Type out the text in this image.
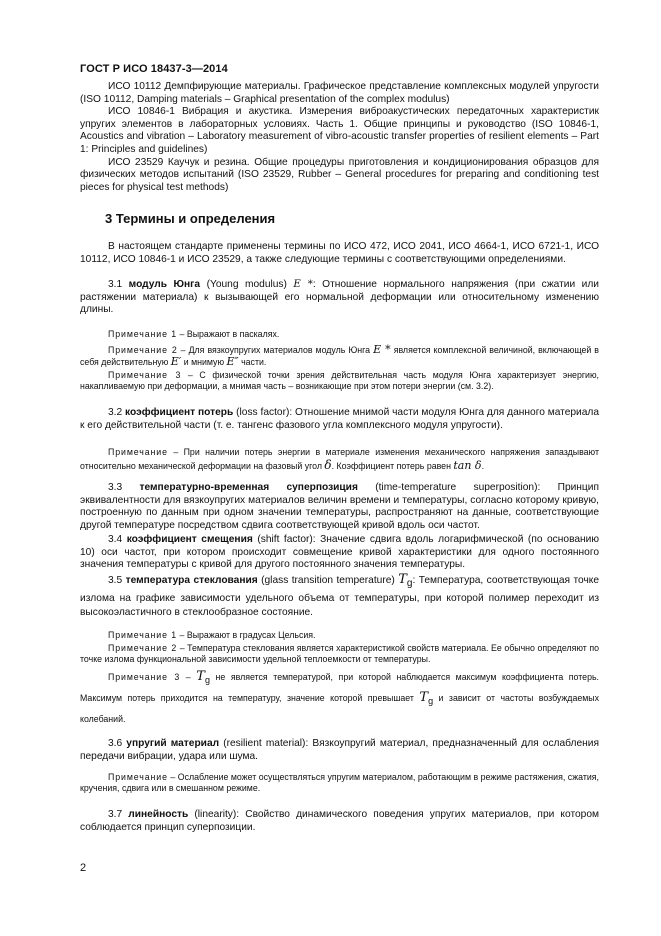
ГОСТ Р ИСО 18437-3—2014
ИСО 10112 Демпфирующие материалы. Графическое представление комплексных модулей упругости (ISO 10112, Damping materials – Graphical presentation of the complex modulus)
ИСО 10846-1 Вибрация и акустика. Измерения виброакустических передаточных характеристик упругих элементов в лабораторных условиях. Часть 1. Общие принципы и руководство (ISO 10846-1, Acoustics and vibration – Laboratory measurement of vibro-acoustic transfer properties of resilient elements – Part 1: Principles and guidelines)
ИСО 23529 Каучук и резина. Общие процедуры приготовления и кондиционирования образцов для физических методов испытаний (ISO 23529, Rubber – General procedures for preparing and conditioning test pieces for physical test methods)
3 Термины и определения
В настоящем стандарте применены термины по ИСО 472, ИСО 2041, ИСО 4664-1, ИСО 6721-1, ИСО 10112, ИСО 10846-1 и ИСО 23529, а также следующие термины с соответствующими определениями.
3.1 модуль Юнга (Young modulus) E *: Отношение нормального напряжения (при сжатии или растяжении материала) к вызывающей его нормальной деформации или относительному изменению длины.
Примечание 1 – Выражают в паскалях.
Примечание 2 – Для вязкоупругих материалов модуль Юнга E * является комплексной величиной, включающей в себя действительную E′ и мнимую E″ части.
Примечание 3 – С физической точки зрения действительная часть модуля Юнга характеризует энергию, накапливаемую при деформации, а мнимая часть – возникающие при этом потери энергии (см. 3.2).
3.2 коэффициент потерь (loss factor): Отношение мнимой части модуля Юнга для данного материала к его действительной части (т. е. тангенс фазового угла комплексного модуля упругости).
Примечание – При наличии потерь энергии в материале изменения механического напряжения запаздывают относительно механической деформации на фазовый угол δ. Коэффициент потерь равен tan δ.
3.3 температурно-временная суперпозиция (time-temperature superposition): Принцип эквивалентности для вязкоупругих материалов величин времени и температуры, согласно которому кривую, построенную по данным при одном значении температуры, распространяют на данные, соответствующие другой температуре посредством сдвига соответствующей кривой вдоль оси частот.
3.4 коэффициент смещения (shift factor): Значение сдвига вдоль логарифмической (по основанию 10) оси частот, при котором происходит совмещение кривой характеристики для одного постоянного значения температуры с кривой для другого постоянного значения температуры.
3.5 температура стеклования (glass transition temperature) $T_g$: Температура, соответствующая точке излома на графике зависимости удельного объема от температуры, при которой полимер переходит из высокоэластичного в стеклообразное состояние.
Примечание 1 – Выражают в градусах Цельсия.
Примечание 2 – Температура стеклования является характеристикой свойств материала. Ее обычно определяют по точке излома функциональной зависимости удельной теплоемкости от температуры.
Примечание $3 - T_g$ не является температурой, при которой наблюдается максимум коэффициента потерь. Максимум потерь приходится на температуру, значение которой превышает $T_g$ и зависит от частоты возбуждаемых колебаний.
3.6 упругий материал (resilient material): Вязкоупругий материал, предназначенный для ослабления передачи вибрации, удара или шума.
Примечание – Ослабление может осуществляться упругим материалом, работающим в режиме растяжения, сжатия, кручения, сдвига или в смешанном режиме.
3.7 линейность (linearity): Свойство динамического поведения упругих материалов, при котором соблюдается принцип суперпозиции.
2
